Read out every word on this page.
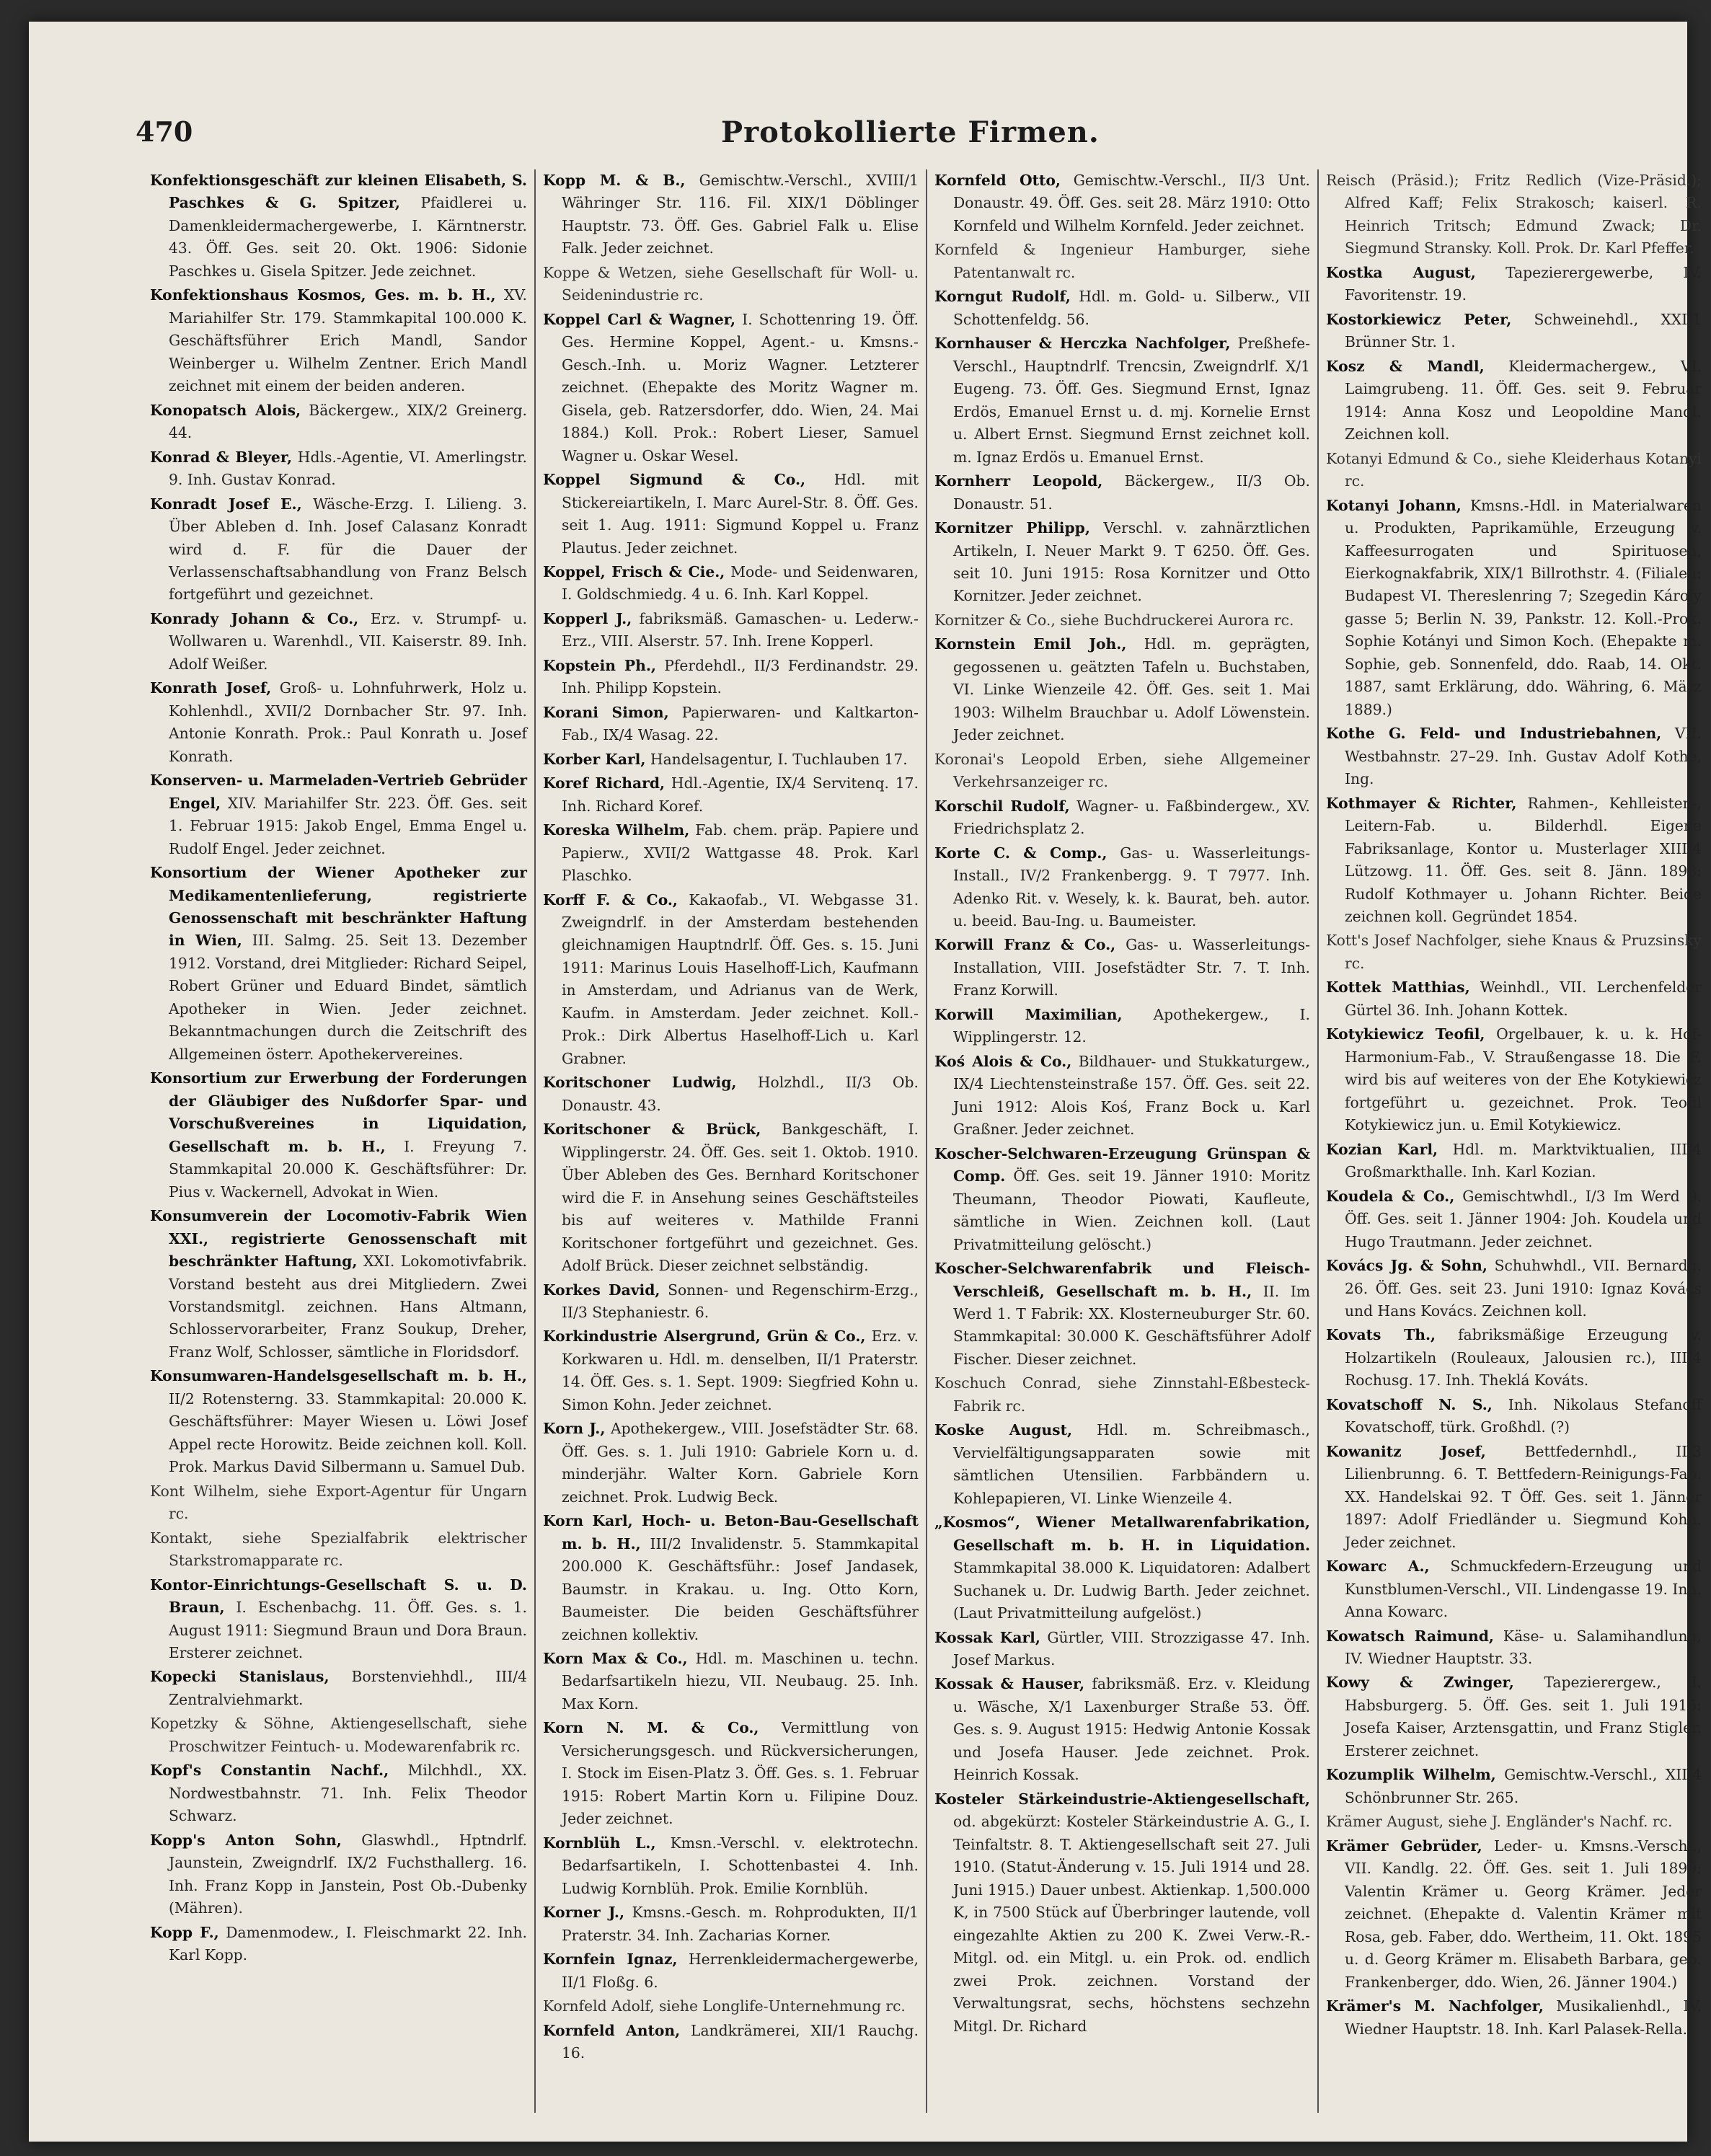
470	Protokollierte Firmen.

Konfektionsgeschäft zur kleinen Elisabeth, S. Paschkes & G. Spitzer, Pfaidlerei u. Damenkleidermachergewerbe, I. Kärntnerstr. 43. Öff. Ges. seit 20. Okt. 1906: Sidonie Paschkes u. Gisela Spitzer. Jede zeichnet.

Konfektionshaus Kosmos, Ges. m. b. H., XV. Mariahilfer Str. 179. Stammkapital 100.000 K. Geschäftsführer Erich Mandl, Sandor Weinberger u. Wilhelm Zentner. Erich Mandl zeichnet mit einem der beiden anderen.

Konopatsch Alois, Bäckergew., XIX/2 Greinerg. 44.

Konrad & Bleyer, Hdls.-Agentie, VI. Amerlingstr. 9. Inh. Gustav Konrad.

Konradt Josef E., Wäsche-Erzg. I. Lilieng. 3. Über Ableben d. Inh. Josef Calasanz Konradt wird d. F. für die Dauer der Verlassenschaftsabhandlung von Franz Belsch fortgeführt und gezeichnet.

Konrady Johann & Co., Erz. v. Strumpf- u. Wollwaren u. Warenhdl., VII. Kaiserstr. 89. Inh. Adolf Weißer.

Konrath Josef, Groß- u. Lohnfuhrwerk, Holz u. Kohlenhdl., XVII/2 Dornbacher Str. 97. Inh. Antonie Konrath. Prok.: Paul Konrath u. Josef Konrath.

Konserven- u. Marmeladen-Vertrieb Gebrüder Engel, XIV. Mariahilfer Str. 223. Öff. Ges. seit 1. Februar 1915: Jakob Engel, Emma Engel u. Rudolf Engel. Jeder zeichnet.

Konsortium der Wiener Apotheker zur Medikamentenlieferung, registrierte Genossenschaft mit beschränkter Haftung in Wien, III. Salmg. 25. Seit 13. Dezember 1912. Vorstand, drei Mitglieder: Richard Seipel, Robert Grüner und Eduard Bindet, sämtlich Apotheker in Wien. Jeder zeichnet. Bekanntmachungen durch die Zeitschrift des Allgemeinen österr. Apothekervereines.

Konsortium zur Erwerbung der Forderungen der Gläubiger des Nußdorfer Spar- und Vorschußvereines in Liquidation, Gesellschaft m. b. H., I. Freyung 7. Stammkapital 20.000 K. Geschäftsführer: Dr. Pius v. Wackernell, Advokat in Wien.

Konsumverein der Locomotiv-Fabrik Wien XXI., registrierte Genossenschaft mit beschränkter Haftung, XXI. Lokomotivfabrik. Vorstand besteht aus drei Mitgliedern. Zwei Vorstandsmitgl. zeichnen. Hans Altmann, Schlosservorarbeiter, Franz Soukup, Dreher, Franz Wolf, Schlosser, sämtliche in Floridsdorf.

Konsumwaren-Handelsgesellschaft m. b. H., II/2 Rotensterng. 33. Stammkapital: 20.000 K. Geschäftsführer: Mayer Wiesen u. Löwi Josef Appel recte Horowitz. Beide zeichnen koll. Koll. Prok. Markus David Silbermann u. Samuel Dub.

Kont Wilhelm, siehe Export-Agentur für Ungarn rc.

Kontakt, siehe Spezialfabrik elektrischer Starkstromapparate rc.

Kontor-Einrichtungs-Gesellschaft S. u. D. Braun, I. Eschenbachg. 11. Öff. Ges. s. 1. August 1911: Siegmund Braun und Dora Braun. Ersterer zeichnet.

Kopecki Stanislaus, Borstenviehhdl., III/4 Zentralviehmarkt.

Kopetzky & Söhne, Aktiengesellschaft, siehe Proschwitzer Feintuch- u. Modewarenfabrik rc.

Kopf's Constantin Nachf., Milchhdl., XX. Nordwestbahnstr. 71. Inh. Felix Theodor Schwarz.

Kopp's Anton Sohn, Glaswhdl., Hptndrlf. Jaunstein, Zweigndrlf. IX/2 Fuchsthallerg. 16. Inh. Franz Kopp in Janstein, Post Ob.-Dubenky (Mähren).

Kopp F., Damenmodew., I. Fleischmarkt 22. Inh. Karl Kopp.

Kopp M. & B., Gemischtw.-Verschl., XVIII/1 Währinger Str. 116. Fil. XIX/1 Döblinger Hauptstr. 73. Öff. Ges. Gabriel Falk u. Elise Falk. Jeder zeichnet.

Koppe & Wetzen, siehe Gesellschaft für Woll- u. Seidenindustrie rc.

Koppel Carl & Wagner, I. Schottenring 19. Öff. Ges. Hermine Koppel, Agent.- u. Kmsns.-Gesch.-Inh. u. Moriz Wagner. Letzterer zeichnet. (Ehepakte des Moritz Wagner m. Gisela, geb. Ratzersdorfer, ddo. Wien, 24. Mai 1884.) Koll. Prok.: Robert Lieser, Samuel Wagner u. Oskar Wesel.

Koppel Sigmund & Co., Hdl. mit Stickereiartikeln, I. Marc Aurel-Str. 8. Öff. Ges. seit 1. Aug. 1911: Sigmund Koppel u. Franz Plautus. Jeder zeichnet.

Koppel, Frisch & Cie., Mode- und Seidenwaren, I. Goldschmiedg. 4 u. 6. Inh. Karl Koppel.

Kopperl J., fabriksmäß. Gamaschen- u. Lederw.-Erz., VIII. Alserstr. 57. Inh. Irene Kopperl.

Kopstein Ph., Pferdehdl., II/3 Ferdinandstr. 29. Inh. Philipp Kopstein.

Korani Simon, Papierwaren- und Kaltkarton-Fab., IX/4 Wasag. 22.

Korber Karl, Handelsagentur, I. Tuchlauben 17.

Koref Richard, Hdl.-Agentie, IX/4 Servitenq. 17. Inh. Richard Koref.

Koreska Wilhelm, Fab. chem. präp. Papiere und Papierw., XVII/2 Wattgasse 48. Prok. Karl Plaschko.

Korff F. & Co., Kakaofab., VI. Webgasse 31. Zweigndrlf. in der Amsterdam bestehenden gleichnamigen Hauptndrlf. Öff. Ges. s. 15. Juni 1911: Marinus Louis Haselhoff-Lich, Kaufmann in Amsterdam, und Adrianus van de Werk, Kaufm. in Amsterdam. Jeder zeichnet. Koll.-Prok.: Dirk Albertus Haselhoff-Lich u. Karl Grabner.

Koritschoner Ludwig, Holzhdl., II/3 Ob. Donaustr. 43.

Koritschoner & Brück, Bankgeschäft, I. Wipplingerstr. 24. Öff. Ges. seit 1. Oktob. 1910. Über Ableben des Ges. Bernhard Koritschoner wird die F. in Ansehung seines Geschäftsteiles bis auf weiteres v. Mathilde Franni Koritschoner fortgeführt und gezeichnet. Ges. Adolf Brück. Dieser zeichnet selbständig.

Korkes David, Sonnen- und Regenschirm-Erzg., II/3 Stephaniestr. 6.

Korkindustrie Alsergrund, Grün & Co., Erz. v. Korkwaren u. Hdl. m. denselben, II/1 Praterstr. 14. Öff. Ges. s. 1. Sept. 1909: Siegfried Kohn u. Simon Kohn. Jeder zeichnet.

Korn J., Apothekergew., VIII. Josefstädter Str. 68. Öff. Ges. s. 1. Juli 1910: Gabriele Korn u. d. minderjähr. Walter Korn. Gabriele Korn zeichnet. Prok. Ludwig Beck.

Korn Karl, Hoch- u. Beton-Bau-Gesellschaft m. b. H., III/2 Invalidenstr. 5. Stammkapital 200.000 K. Geschäftsführ.: Josef Jandasek, Baumstr. in Krakau. u. Ing. Otto Korn, Baumeister. Die beiden Geschäftsführer zeichnen kollektiv.

Korn Max & Co., Hdl. m. Maschinen u. techn. Bedarfsartikeln hiezu, VII. Neubaug. 25. Inh. Max Korn.

Korn N. M. & Co., Vermittlung von Versicherungsgesch. und Rückversicherungen, I. Stock im Eisen-Platz 3. Öff. Ges. s. 1. Februar 1915: Robert Martin Korn u. Filipine Douz. Jeder zeichnet.

Kornblüh L., Kmsn.-Verschl. v. elektrotechn. Bedarfsartikeln, I. Schottenbastei 4. Inh. Ludwig Kornblüh. Prok. Emilie Kornblüh.

Korner J., Kmsns.-Gesch. m. Rohprodukten, II/1 Praterstr. 34. Inh. Zacharias Korner.

Kornfein Ignaz, Herrenkleidermachergewerbe, II/1 Floßg. 6.

Kornfeld Adolf, siehe Longlife-Unternehmung rc.

Kornfeld Anton, Landkrämerei, XII/1 Rauchg. 16.

Kornfeld Otto, Gemischtw.-Verschl., II/3 Unt. Donaustr. 49. Öff. Ges. seit 28. März 1910: Otto Kornfeld und Wilhelm Kornfeld. Jeder zeichnet.

Kornfeld & Ingenieur Hamburger, siehe Patentanwalt rc.

Korngut Rudolf, Hdl. m. Gold- u. Silberw., VII Schottenfeldg. 56.

Kornhauser & Herczka Nachfolger, Preßhefe-Verschl., Hauptndrlf. Trencsin, Zweigndrlf. X/1 Eugeng. 73. Öff. Ges. Siegmund Ernst, Ignaz Erdös, Emanuel Ernst u. d. mj. Kornelie Ernst u. Albert Ernst. Siegmund Ernst zeichnet koll. m. Ignaz Erdös u. Emanuel Ernst.

Kornherr Leopold, Bäckergew., II/3 Ob. Donaustr. 51.

Kornitzer Philipp, Verschl. v. zahnärztlichen Artikeln, I. Neuer Markt 9. T 6250. Öff. Ges. seit 10. Juni 1915: Rosa Kornitzer und Otto Kornitzer. Jeder zeichnet.

Kornitzer & Co., siehe Buchdruckerei Aurora rc.

Kornstein Emil Joh., Hdl. m. geprägten, gegossenen u. geätzten Tafeln u. Buchstaben, VI. Linke Wienzeile 42. Öff. Ges. seit 1. Mai 1903: Wilhelm Brauchbar u. Adolf Löwenstein. Jeder zeichnet.

Koronai's Leopold Erben, siehe Allgemeiner Verkehrsanzeiger rc.

Korschil Rudolf, Wagner- u. Faßbindergew., XV. Friedrichsplatz 2.

Korte C. & Comp., Gas- u. Wasserleitungs-Install., IV/2 Frankenbergg. 9. T 7977. Inh. Adenko Rit. v. Wesely, k. k. Baurat, beh. autor. u. beeid. Bau-Ing. u. Baumeister.

Korwill Franz & Co., Gas- u. Wasserleitungs-Installation, VIII. Josefstädter Str. 7. T. Inh. Franz Korwill.

Korwill Maximilian, Apothekergew., I. Wipplingerstr. 12.

Koś Alois & Co., Bildhauer- und Stukkaturgew., IX/4 Liechtensteinstraße 157. Öff. Ges. seit 22. Juni 1912: Alois Koś, Franz Bock u. Karl Graßner. Jeder zeichnet.

Koscher-Selchwaren-Erzeugung Grünspan & Comp. Öff. Ges. seit 19. Jänner 1910: Moritz Theumann, Theodor Piowati, Kaufleute, sämtliche in Wien. Zeichnen koll. (Laut Privatmitteilung gelöscht.)

Koscher-Selchwarenfabrik und Fleisch-Verschleiß, Gesellschaft m. b. H., II. Im Werd 1. T Fabrik: XX. Klosterneuburger Str. 60. Stammkapital: 30.000 K. Geschäftsführer Adolf Fischer. Dieser zeichnet.

Koschuch Conrad, siehe Zinnstahl-Eßbesteck-Fabrik rc.

Koske August, Hdl. m. Schreibmasch., Vervielfältigungsapparaten sowie mit sämtlichen Utensilien. Farbbändern u. Kohlepapieren, VI. Linke Wienzeile 4.

„Kosmos“, Wiener Metallwarenfabrikation, Gesellschaft m. b. H. in Liquidation. Stammkapital 38.000 K. Liquidatoren: Adalbert Suchanek u. Dr. Ludwig Barth. Jeder zeichnet. (Laut Privatmitteilung aufgelöst.)

Kossak Karl, Gürtler, VIII. Strozzigasse 47. Inh. Josef Markus.

Kossak & Hauser, fabriksmäß. Erz. v. Kleidung u. Wäsche, X/1 Laxenburger Straße 53. Öff. Ges. s. 9. August 1915: Hedwig Antonie Kossak und Josefa Hauser. Jede zeichnet. Prok. Heinrich Kossak.

Kosteler Stärkeindustrie-Aktiengesellschaft, od. abgekürzt: Kosteler Stärkeindustrie A. G., I. Teinfaltstr. 8. T. Aktiengesellschaft seit 27. Juli 1910. (Statut-Änderung v. 15. Juli 1914 und 28. Juni 1915.) Dauer unbest. Aktienkap. 1,500.000 K, in 7500 Stück auf Überbringer lautende, voll eingezahlte Aktien zu 200 K. Zwei Verw.-R.-Mitgl. od. ein Mitgl. u. ein Prok. od. endlich zwei Prok. zeichnen. Vorstand der Verwaltungsrat, sechs, höchstens sechzehn Mitgl. Dr. Richard

Reisch (Präsid.); Fritz Redlich (Vize-Präsid.); Alfred Kaff; Felix Strakosch; kaiserl. R. Heinrich Tritsch; Edmund Zwack; Dr. Siegmund Stransky. Koll. Prok. Dr. Karl Pfeffer.

Kostka August, Tapezierergewerbe, IV. Favoritenstr. 19.

Kostorkiewicz Peter, Schweinehdl., XXI/1 Brünner Str. 1.

Kosz & Mandl, Kleidermachergew., VI. Laimgrubeng. 11. Öff. Ges. seit 9. Februar 1914: Anna Kosz und Leopoldine Mandl. Zeichnen koll.

Kotanyi Edmund & Co., siehe Kleiderhaus Kotanyi rc.

Kotanyi Johann, Kmsns.-Hdl. in Materialwaren u. Produkten, Paprikamühle, Erzeugung v. Kaffeesurrogaten und Spirituosen, Eierkognakfabrik, XIX/1 Billrothstr. 4. (Filialen: Budapest VI. Thereslenring 7; Szegedin Károly gasse 5; Berlin N. 39, Pankstr. 12. Koll.-Prok. Sophie Kotányi und Simon Koch. (Ehepakte m. Sophie, geb. Sonnenfeld, ddo. Raab, 14. Okt. 1887, samt Erklärung, ddo. Währing, 6. März 1889.)

Kothe G. Feld- und Industriebahnen, VII. Westbahnstr. 27–29. Inh. Gustav Adolf Kothe, Ing.

Kothmayer & Richter, Rahmen-, Kehlleisten-, Leitern-Fab. u. Bilderhdl. Eigene Fabriksanlage, Kontor u. Musterlager XIII/4 Lützowg. 11. Öff. Ges. seit 8. Jänn. 1898: Rudolf Kothmayer u. Johann Richter. Beide zeichnen koll. Gegründet 1854.

Kott's Josef Nachfolger, siehe Knaus & Pruzsinsky rc.

Kottek Matthias, Weinhdl., VII. Lerchenfelder Gürtel 36. Inh. Johann Kottek.

Kotykiewicz Teofil, Orgelbauer, k. u. k. Hof-Harmonium-Fab., V. Straußengasse 18. Die F. wird bis auf weiteres von der Ehe Kotykiewicz fortgeführt u. gezeichnet. Prok. Teofil Kotykiewicz jun. u. Emil Kotykiewicz.

Kozian Karl, Hdl. m. Marktviktualien, III/4 Großmarkthalle. Inh. Karl Kozian.

Koudela & Co., Gemischtwhdl., I/3 Im Werd 9. Öff. Ges. seit 1. Jänner 1904: Joh. Koudela und Hugo Trautmann. Jeder zeichnet.

Kovács Jg. & Sohn, Schuhwhdl., VII. Bernardg. 26. Öff. Ges. seit 23. Juni 1910: Ignaz Kovács und Hans Kovács. Zeichnen koll.

Kovats Th., fabriksmäßige Erzeugung v. Holzartikeln (Rouleaux, Jalousien rc.), III/4 Rochusg. 17. Inh. Theklá Kováts.

Kovatschoff N. S., Inh. Nikolaus Stefanoff Kovatschoff, türk. Großhdl. (?)

Kowanitz Josef,	Bettfedernhdl., II/3 Lilienbrunng. 6. T. Bettfedern-Reinigungs-Fab. XX. Handelskai 92. T Öff. Ges. seit 1. Jänner 1897: Adolf Friedländer u. Siegmund Kohn. Jeder zeichnet.

Kowarc A., Schmuckfedern-Erzeugung und Kunstblumen-Verschl., VII. Lindengasse 19. Inh. Anna Kowarc.

Kowatsch Raimund, Käse- u. Salamihandlung, IV. Wiedner Hauptstr. 33.

Kowy & Zwinger, Tapezierergew., I. Habsburgerg. 5. Öff. Ges. seit 1. Juli 1915: Josefa Kaiser, Arztensgattin, und Franz Stigler. Ersterer zeichnet.

Kozumplik Wilhelm, Gemischtw.-Verschl., XII/4 Schönbrunner Str. 265.

Krämer August, siehe J. Engländer's Nachf. rc.

Krämer Gebrüder, Leder- u. Kmsns.-Verschl., VII. Kandlg. 22. Öff. Ges. seit 1. Juli 1899: Valentin Krämer u. Georg Krämer. Jeder zeichnet. (Ehepakte d. Valentin Krämer mit Rosa, geb. Faber, ddo. Wertheim, 11. Okt. 1895 u. d. Georg Krämer m. Elisabeth Barbara, geb. Frankenberger, ddo. Wien, 26. Jänner 1904.)

Krämer's M. Nachfolger, Musikalienhdl., IV. Wiedner Hauptstr. 18. Inh. Karl Palasek-Rella.
